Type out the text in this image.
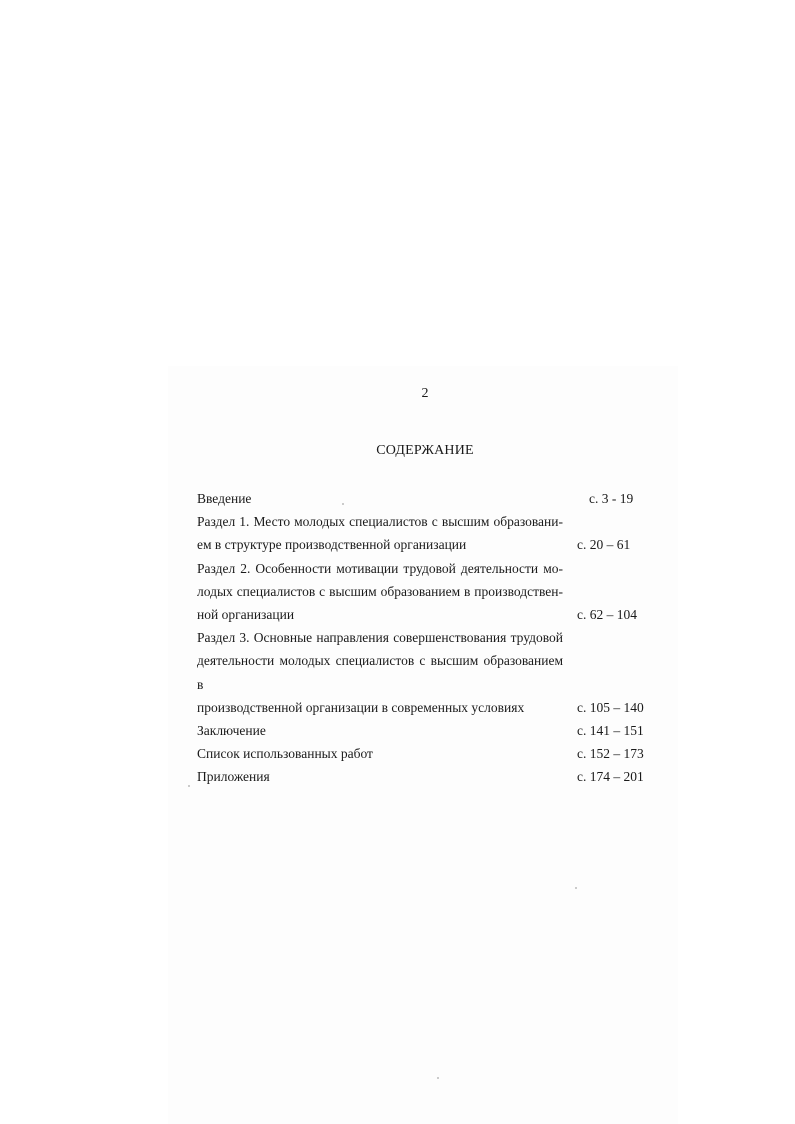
2
СОДЕРЖАНИЕ
Введение	с. 3 - 19
Раздел 1. Место молодых специалистов с высшим образовани-
ем в структуре производственной организации	с. 20 – 61
Раздел 2. Особенности мотивации трудовой деятельности мо-
лодых специалистов с высшим образованием в производствен-
ной организации	с. 62 – 104
Раздел 3. Основные направления совершенствования трудовой
деятельности молодых специалистов с высшим образованием в
производственной организации в современных условиях	с. 105 – 140
Заключение	с. 141 – 151
Список использованных работ	с. 152 – 173
Приложения	с. 174 – 201
